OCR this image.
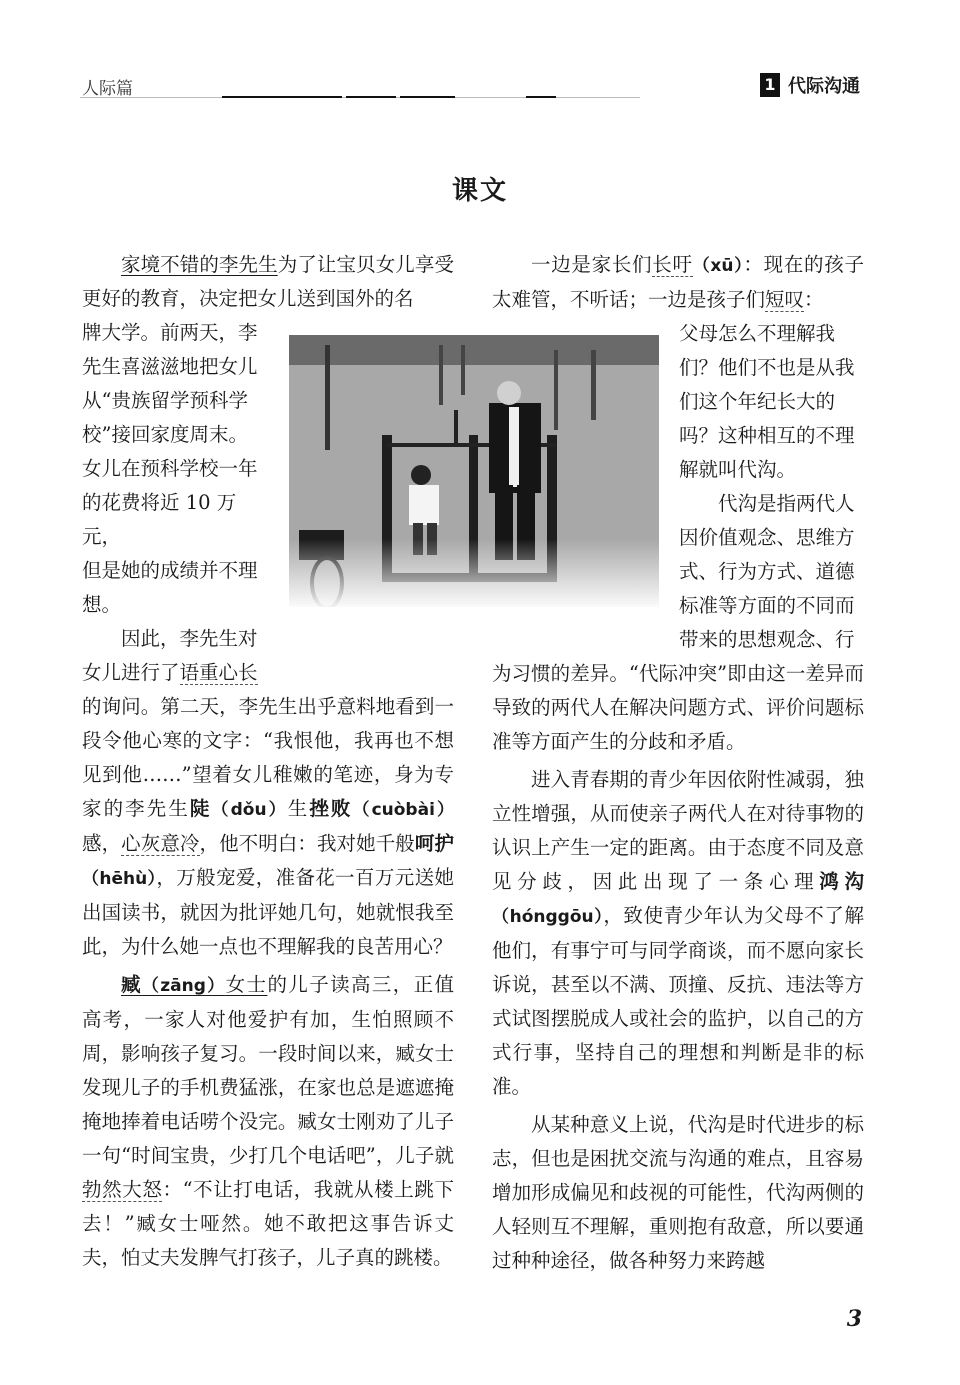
人际篇	1 代际沟通
课文

家境不错的李先生为了让宝贝女儿享受更好的教育，决定把女儿送到国外的名

牌大学。前两天，李
先生喜滋滋地把女儿
从“贵族留学预科学
校”接回家度周末。
女儿在预科学校一年
的花费将近 10 万元，
但是她的成绩并不理
想。
因此，李先生对
女儿进行了语重心长

的询问。第二天，李先生出乎意料地看到一段令他心寒的文字：“我恨他，我再也不想见到他……”望着女儿稚嫩的笔迹，身为专家的李先生陡（dǒu）生挫败（cuòbài）感，心灰意冷，他不明白：我对她千般呵护（hēhù），万般宠爱，准备花一百万元送她出国读书，就因为批评她几句，她就恨我至此，为什么她一点也不理解我的良苦用心？

臧（zāng）女士的儿子读高三，正值高考，一家人对他爱护有加，生怕照顾不周，影响孩子复习。一段时间以来，臧女士发现儿子的手机费猛涨，在家也总是遮遮掩掩地捧着电话唠个没完。臧女士刚劝了儿子一句“时间宝贵，少打几个电话吧”，儿子就勃然大怒：“不让打电话，我就从楼上跳下去！”臧女士哑然。她不敢把这事告诉丈夫，怕丈夫发脾气打孩子，儿子真的跳楼。

一边是家长们长吁（xū）：现在的孩子太难管，不听话；一边是孩子们短叹：

父母怎么不理解我
们？他们不也是从我
们这个年纪长大的
吗？这种相互的不理
解就叫代沟。
代沟是指两代人
因价值观念、思维方
式、行为方式、道德
标准等方面的不同而
带来的思想观念、行

为习惯的差异。“代际冲突”即由这一差异而导致的两代人在解决问题方式、评价问题标准等方面产生的分歧和矛盾。

进入青春期的青少年因依附性减弱，独立性增强，从而使亲子两代人在对待事物的认识上产生一定的距离。由于态度不同及意见分歧，因此出现了一条心理鸿沟（hónggōu），致使青少年认为父母不了解他们，有事宁可与同学商谈，而不愿向家长诉说，甚至以不满、顶撞、反抗、违法等方式试图摆脱成人或社会的监护，以自己的方式行事，坚持自己的理想和判断是非的标准。

从某种意义上说，代沟是时代进步的标志，但也是困扰交流与沟通的难点，且容易增加形成偏见和歧视的可能性，代沟两侧的人轻则互不理解，重则抱有敌意，所以要通过种种途径，做各种努力来跨越

3
